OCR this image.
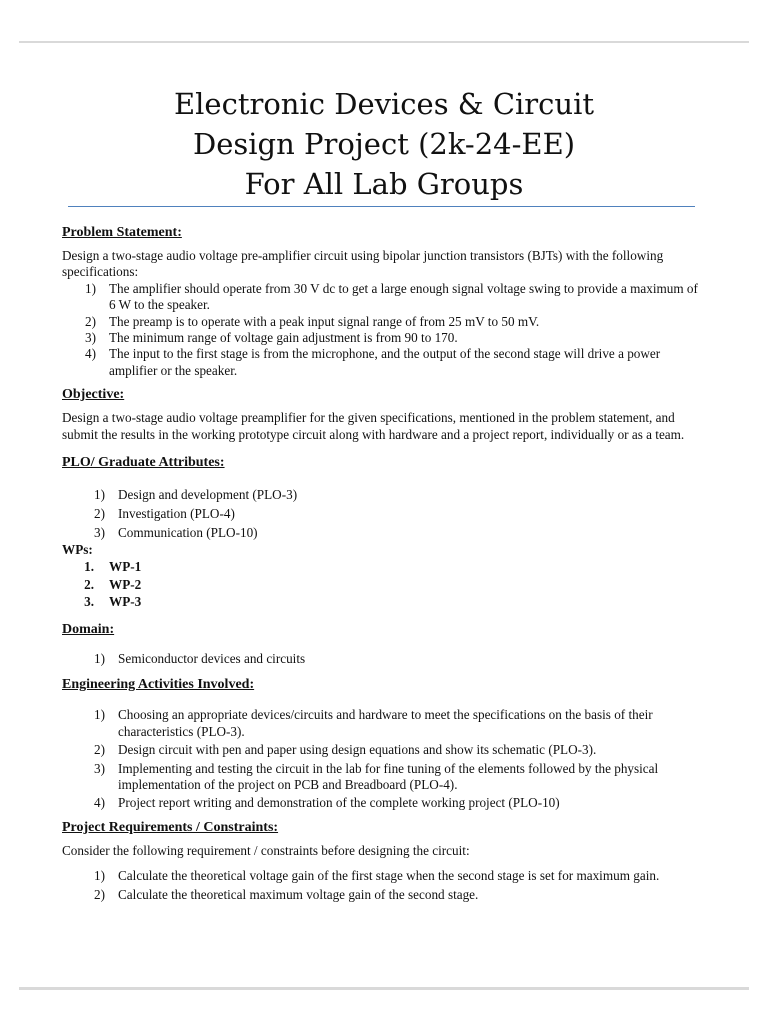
Electronic Devices & Circuit
Design Project (2k-24-EE)
For All Lab Groups
Problem Statement:

Design a two-stage audio voltage pre-amplifier circuit using bipolar junction transistors (BJTs) with the following specifications:

1) The amplifier should operate from 30 V dc to get a large enough signal voltage swing to provide a maximum of 6 W to the speaker.
2) The preamp is to operate with a peak input signal range of from 25 mV to 50 mV.
3) The minimum range of voltage gain adjustment is from 90 to 170.
4) The input to the first stage is from the microphone, and the output of the second stage will drive a power amplifier or the speaker.
Objective:

Design a two-stage audio voltage preamplifier for the given specifications, mentioned in the problem statement, and submit the results in the working prototype circuit along with hardware and a project report, individually or as a team.

PLO/ Graduate Attributes:
1) Design and development (PLO-3)
2) Investigation (PLO-4)
3) Communication (PLO-10)
WPs:
1. WP-1
2. WP-2
3. WP-3
Domain:
1) Semiconductor devices and circuits
Engineering Activities Involved:
1) Choosing an appropriate devices/circuits and hardware to meet the specifications on the basis of their characteristics (PLO-3).
2) Design circuit with pen and paper using design equations and show its schematic (PLO-3).
3) Implementing and testing the circuit in the lab for fine tuning of the elements followed by the physical implementation of the project on PCB and Breadboard (PLO-4).
4) Project report writing and demonstration of the complete working project (PLO-10)
Project Requirements / Constraints:

Consider the following requirement / constraints before designing the circuit:

1) Calculate the theoretical voltage gain of the first stage when the second stage is set for maximum gain.
2) Calculate the theoretical maximum voltage gain of the second stage.
